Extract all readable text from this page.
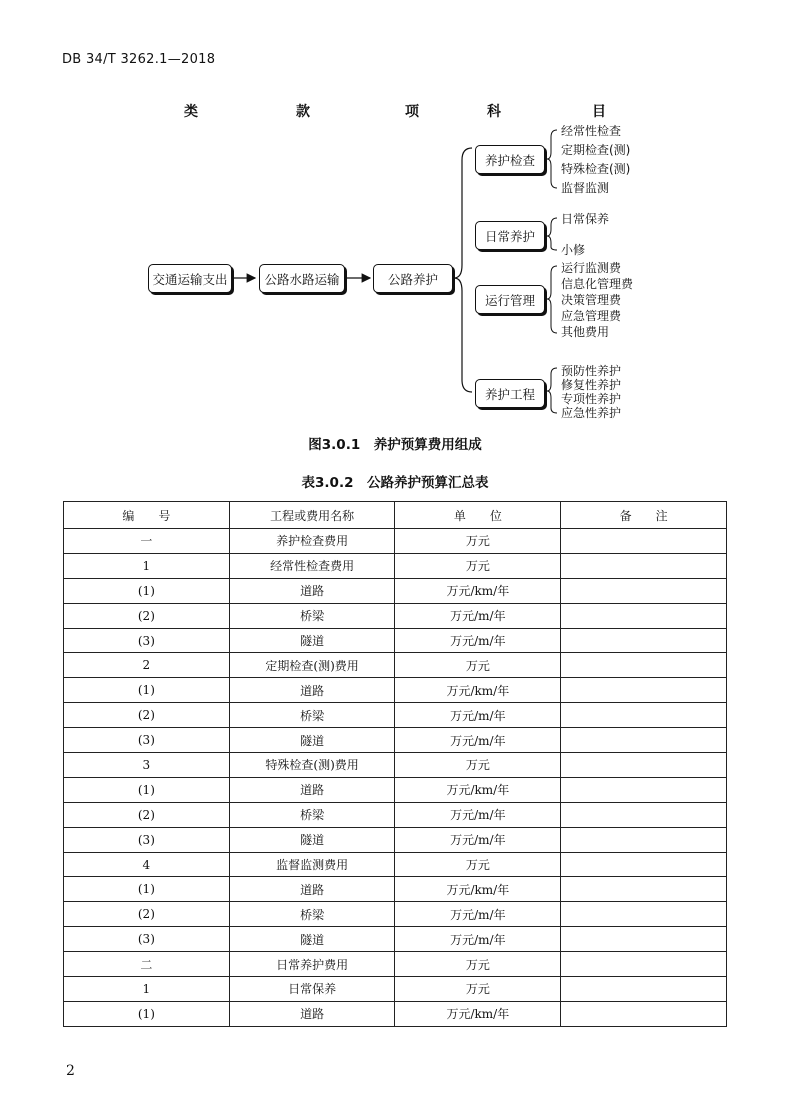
DB 34/T 3262.1—2018
类	款	项	科	目
交通运输支出	公路水路运输	公路养护
养护检查
日常养护
运行管理
养护工程
经常性检查
定期检查(测)
特殊检查(测)
监督监测
日常保养
小修
运行监测费
信息化管理费
决策管理费
应急管理费
其他费用
预防性养护
修复性养护
专项性养护
应急性养护
图3.0.1　养护预算费用组成
表3.0.2　公路养护预算汇总表
编　　号	工程或费用名称	单　　位	备　　注
一	养护检查费用	万元	
1	经常性检查费用	万元	
(1)	道路	万元/km/年	
(2)	桥梁	万元/m/年	
(3)	隧道	万元/m/年	
2	定期检查(测)费用	万元	
(1)	道路	万元/km/年	
(2)	桥梁	万元/m/年	
(3)	隧道	万元/m/年	
3	特殊检查(测)费用	万元	
(1)	道路	万元/km/年	
(2)	桥梁	万元/m/年	
(3)	隧道	万元/m/年	
4	监督监测费用	万元	
(1)	道路	万元/km/年	
(2)	桥梁	万元/m/年	
(3)	隧道	万元/m/年	
二	日常养护费用	万元	
1	日常保养	万元	
(1)	道路	万元/km/年	
2
